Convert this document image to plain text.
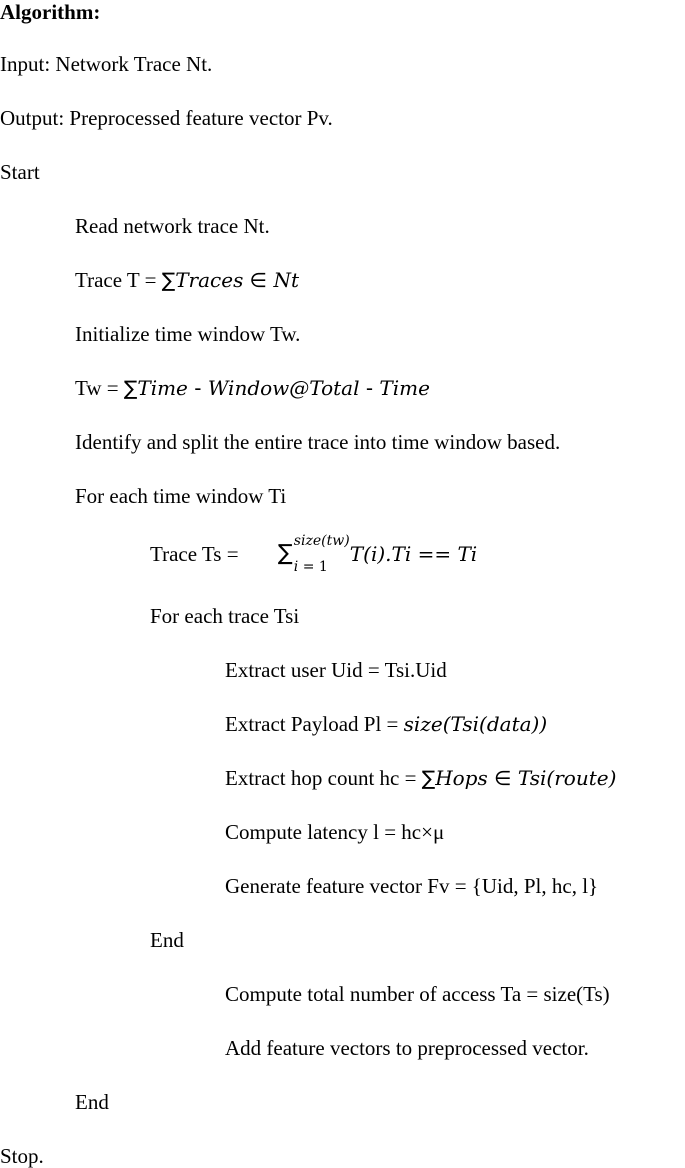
Algorithm:
Input: Network Trace Nt.
Output: Preprocessed feature vector Pv.
Start
Read network trace Nt.
Trace T = ∑Traces ∈ Nt
Initialize time window Tw.
Tw = ∑Time - Window@Total - Time
Identify and split the entire trace into time window based.
For each time window Ti
Trace Ts = ∑ size(tw)
i = 1
T(i).Ti == Ti
For each trace Tsi
Extract user Uid = Tsi.Uid
Extract Payload Pl = size(Tsi(data))
Extract hop count hc = ∑Hops ∈ Tsi(route)
Compute latency l = hc×μ
Generate feature vector Fv = {Uid, Pl, hc, l}
End
Compute total number of access Ta = size(Ts)
Add feature vectors to preprocessed vector.
End
Stop.
